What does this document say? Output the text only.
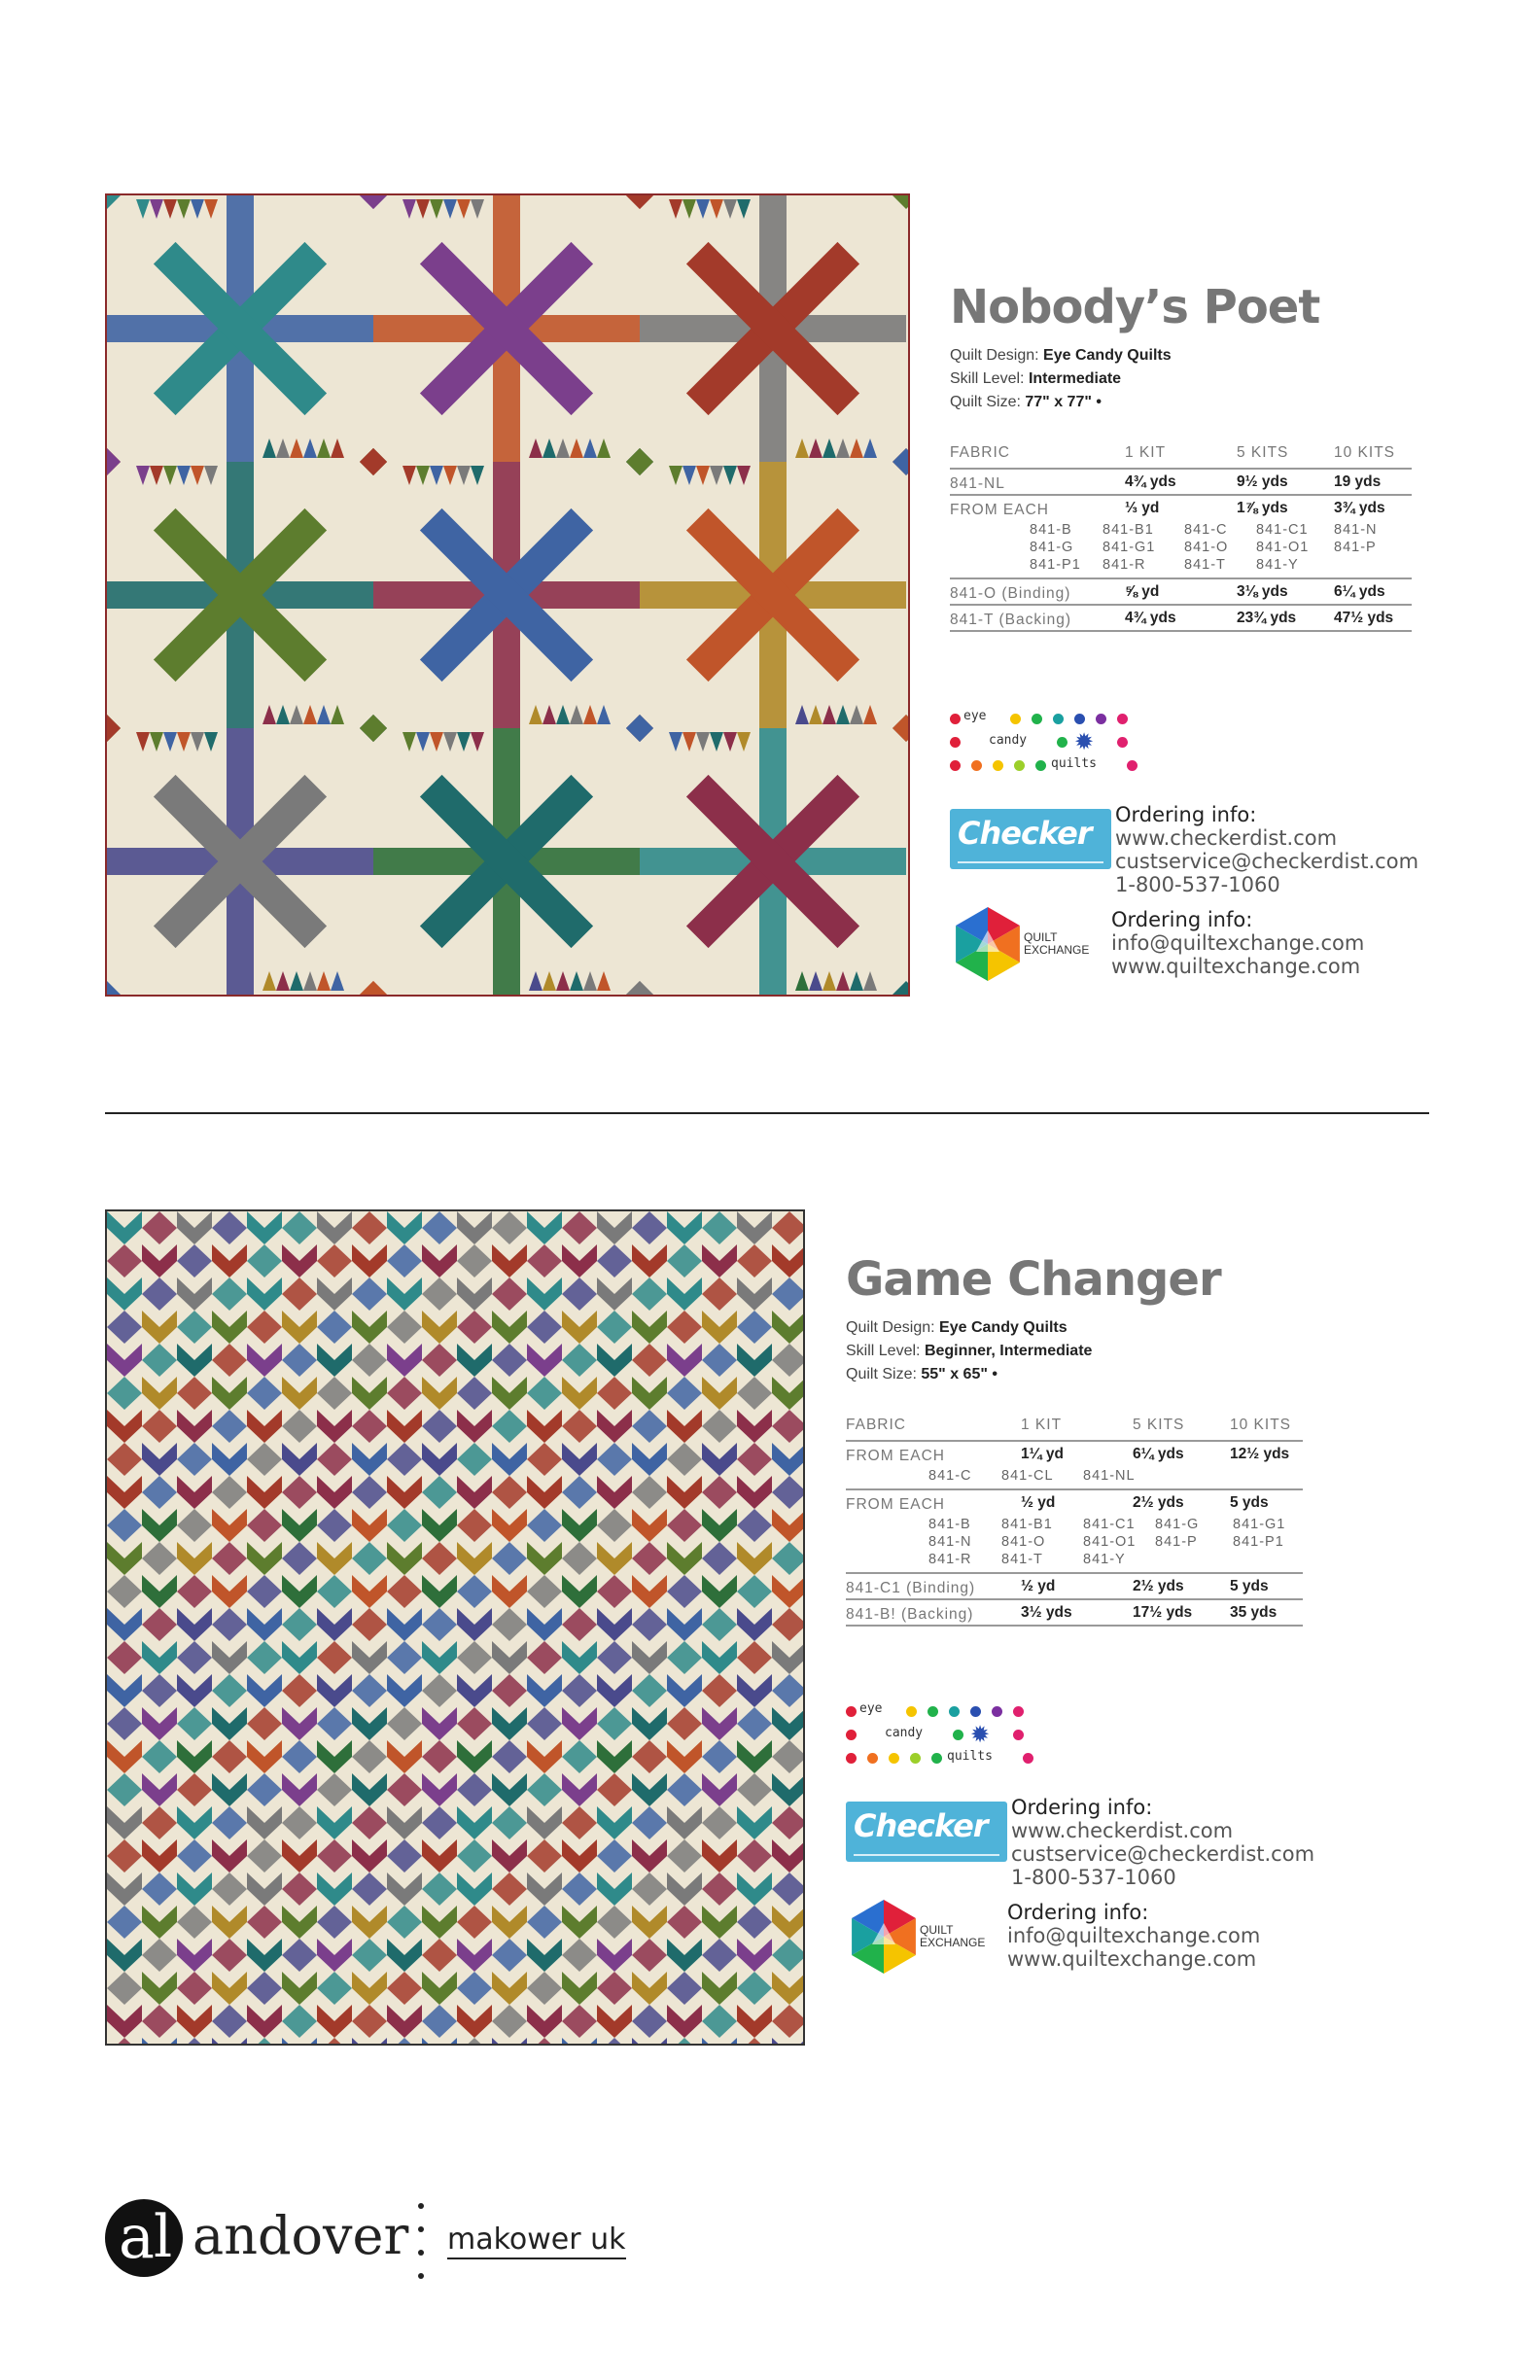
Nobody’s Poet
Quilt Design: Eye Candy Quilts
Skill Level: Intermediate
Quilt Size: 77" x 77" •
FABRIC	1 KIT	5 KITS	10 KITS
841-NL	4¾ yds	9½ yds	19 yds
FROM EACH	⅓ yd	1⅞ yds	3¾ yds

841-B	841-B1	841-C	841-C1	841-N
841-G	841-G1	841-O	841-O1	841-P
841-P1	841-R	841-T	841-Y	

841-O (Binding)	⅝ yd	3⅛ yds	6¼ yds
841-T (Backing)	4¾ yds	23¾ yds	47½ yds
eye
candy
quilts
✹
Checker Ordering info:
www.checkerdist.com
custservice@checkerdist.com
1-800-537-1060
QUILT
EXCHANGE
Ordering info:
info@quiltexchange.com
www.quiltexchange.com
Game Changer
Quilt Design: Eye Candy Quilts
Skill Level: Beginner, Intermediate
Quilt Size: 55" x 65" •
FABRIC	1 KIT	5 KITS	10 KITS
FROM EACH	1¼ yd	6¼ yds	12½ yds

841-C	841-CL	841-NL

FROM EACH	½ yd	2½ yds	5 yds

841-B	841-B1	841-C1	841-G	841-G1
841-N	841-O	841-O1	841-P	841-P1
841-R	841-T	841-Y		

841-C1 (Binding)	½ yd	2½ yds	5 yds
841-B! (Backing)	3½ yds	17½ yds	35 yds
eye
candy
quilts
✹
Checker Ordering info:
www.checkerdist.com
custservice@checkerdist.com
1-800-537-1060
QUILT
EXCHANGE
Ordering info:
info@quiltexchange.com
www.quiltexchange.com
a l andover makower uk
